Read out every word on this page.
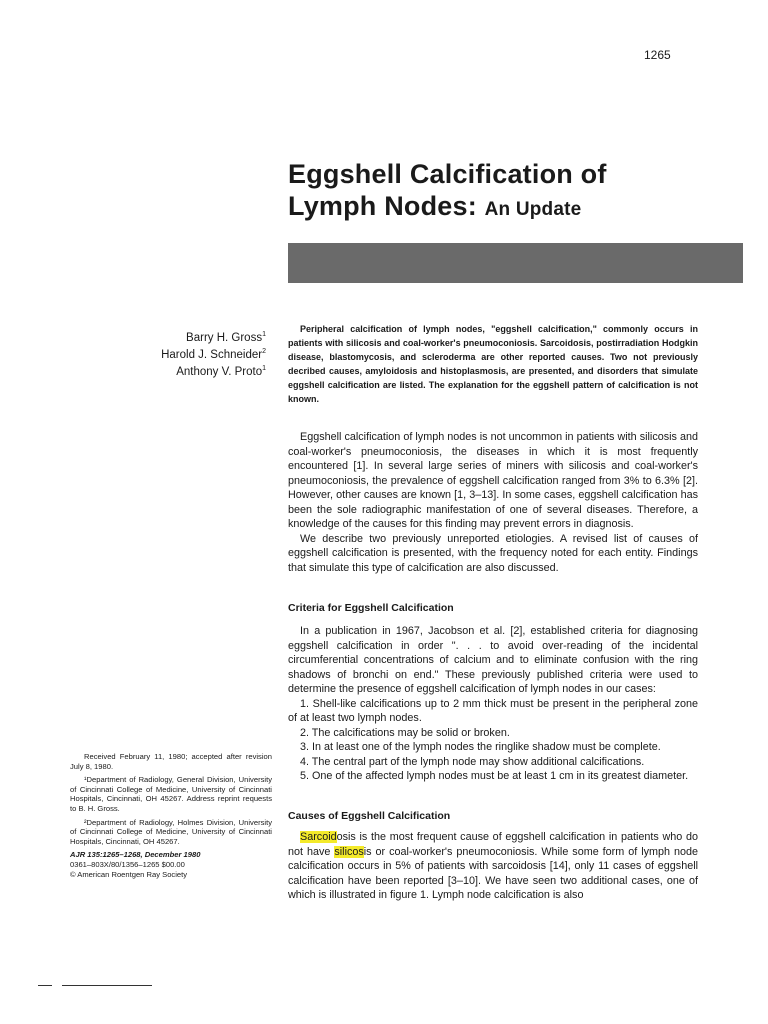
1265
Eggshell Calcification of
Lymph Nodes: An Update
Barry H. Gross$^1$
Harold J. Schneider$^2$
Anthony V. Proto$^1$

Peripheral calcification of lymph nodes, "eggshell calcification," commonly occurs in patients with silicosis and coal-worker's pneumoconiosis. Sarcoidosis, postirradiation Hodgkin disease, blastomycosis, and scleroderma are other reported causes. Two not previously decribed causes, amyloidosis and histoplasmosis, are presented, and disorders that simulate eggshell calcification are listed. The explanation for the eggshell pattern of calcification is not known.

Eggshell calcification of lymph nodes is not uncommon in patients with silicosis and coal-worker's pneumoconiosis, the diseases in which it is most frequently encountered [1]. In several large series of miners with silicosis and coal-worker's pneumoconiosis, the prevalence of eggshell calcification ranged from 3% to 6.3% [2]. However, other causes are known [1, 3–13]. In some cases, eggshell calcification has been the sole radiographic manifestation of one of several diseases. Therefore, a knowledge of the causes for this finding may prevent errors in diagnosis.

We describe two previously unreported etiologies. A revised list of causes of eggshell calcification is presented, with the frequency noted for each entity. Findings that simulate this type of calcification are also discussed.

Criteria for Eggshell Calcification

In a publication in 1967, Jacobson et al. [2], established criteria for diagnosing eggshell calcification in order ". . . to avoid over-reading of the incidental circumferential concentrations of calcium and to eliminate confusion with the ring shadows of bronchi on end." These previously published criteria were used to determine the presence of eggshell calcification of lymph nodes in our cases:

1. Shell-like calcifications up to 2 mm thick must be present in the peripheral zone of at least two lymph nodes.
2. The calcifications may be solid or broken.
3. In at least one of the lymph nodes the ringlike shadow must be complete.
4. The central part of the lymph node may show additional calcifications.
5. One of the affected lymph nodes must be at least 1 cm in its greatest diameter.
Causes of Eggshell Calcification

Sarcoidosis is the most frequent cause of eggshell calcification in patients who do not have silicosis or coal-worker's pneumoconiosis. While some form of lymph node calcification occurs in 5% of patients with sarcoidosis [14], only 11 cases of eggshell calcification have been reported [3–10]. We have seen two additional cases, one of which is illustrated in figure 1. Lymph node calcification is also

Received February 11, 1980; accepted after revision July 8, 1980.

¹Department of Radiology, General Division, University of Cincinnati College of Medicine, University of Cincinnati Hospitals, Cincinnati, OH 45267. Address reprint requests to B. H. Gross.

²Department of Radiology, Holmes Division, University of Cincinnati College of Medicine, University of Cincinnati Hospitals, Cincinnati, OH 45267.

AJR 135:1265–1268, December 1980

0361–803X/80/1356–1265 $00.00

© American Roentgen Ray Society
